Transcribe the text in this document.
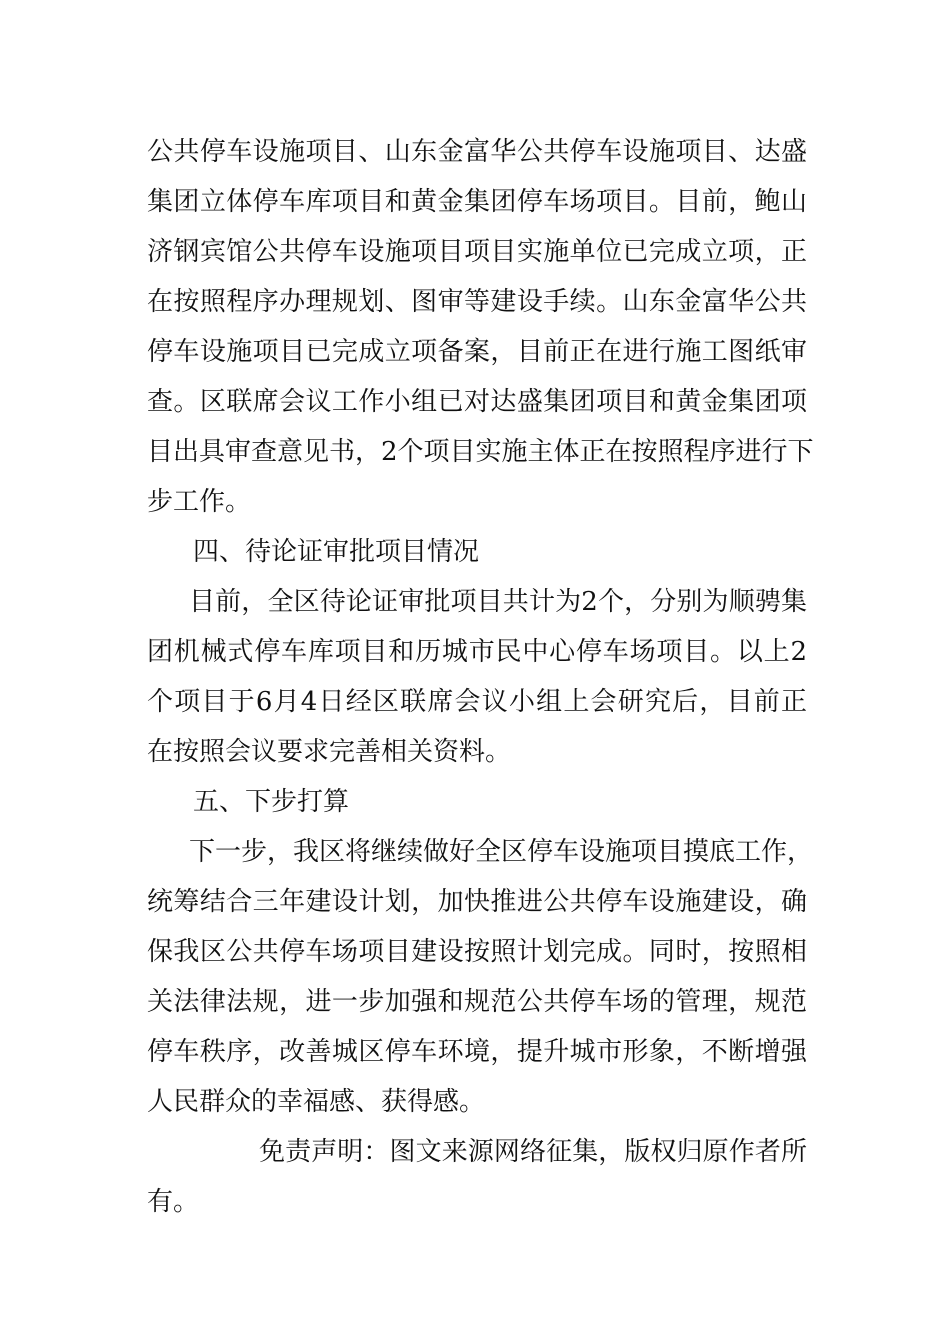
公共停车设施项目、山东金富华公共停车设施项目、达盛
集团立体停车库项目和黄金集团停车场项目。目前，鲍山
济钢宾馆公共停车设施项目项目实施单位已完成立项，正
在按照程序办理规划、图审等建设手续。山东金富华公共
停车设施项目已完成立项备案，目前正在进行施工图纸审
查。区联席会议工作小组已对达盛集团项目和黄金集团项
目出具审查意见书，2个项目实施主体正在按照程序进行下
步工作。
四、待论证审批项目情况
目前，全区待论证审批项目共计为2个，分别为顺骋集
团机械式停车库项目和历城市民中心停车场项目。以上2
个项目于6月4日经区联席会议小组上会研究后，目前正
在按照会议要求完善相关资料。
五、下步打算
下一步，我区将继续做好全区停车设施项目摸底工作，
统筹结合三年建设计划，加快推进公共停车设施建设，确
保我区公共停车场项目建设按照计划完成。同时，按照相
关法律法规，进一步加强和规范公共停车场的管理，规范
停车秩序，改善城区停车环境，提升城市形象，不断增强
人民群众的幸福感、获得感。
免责声明：图文来源网络征集，版权归原作者所
有。
